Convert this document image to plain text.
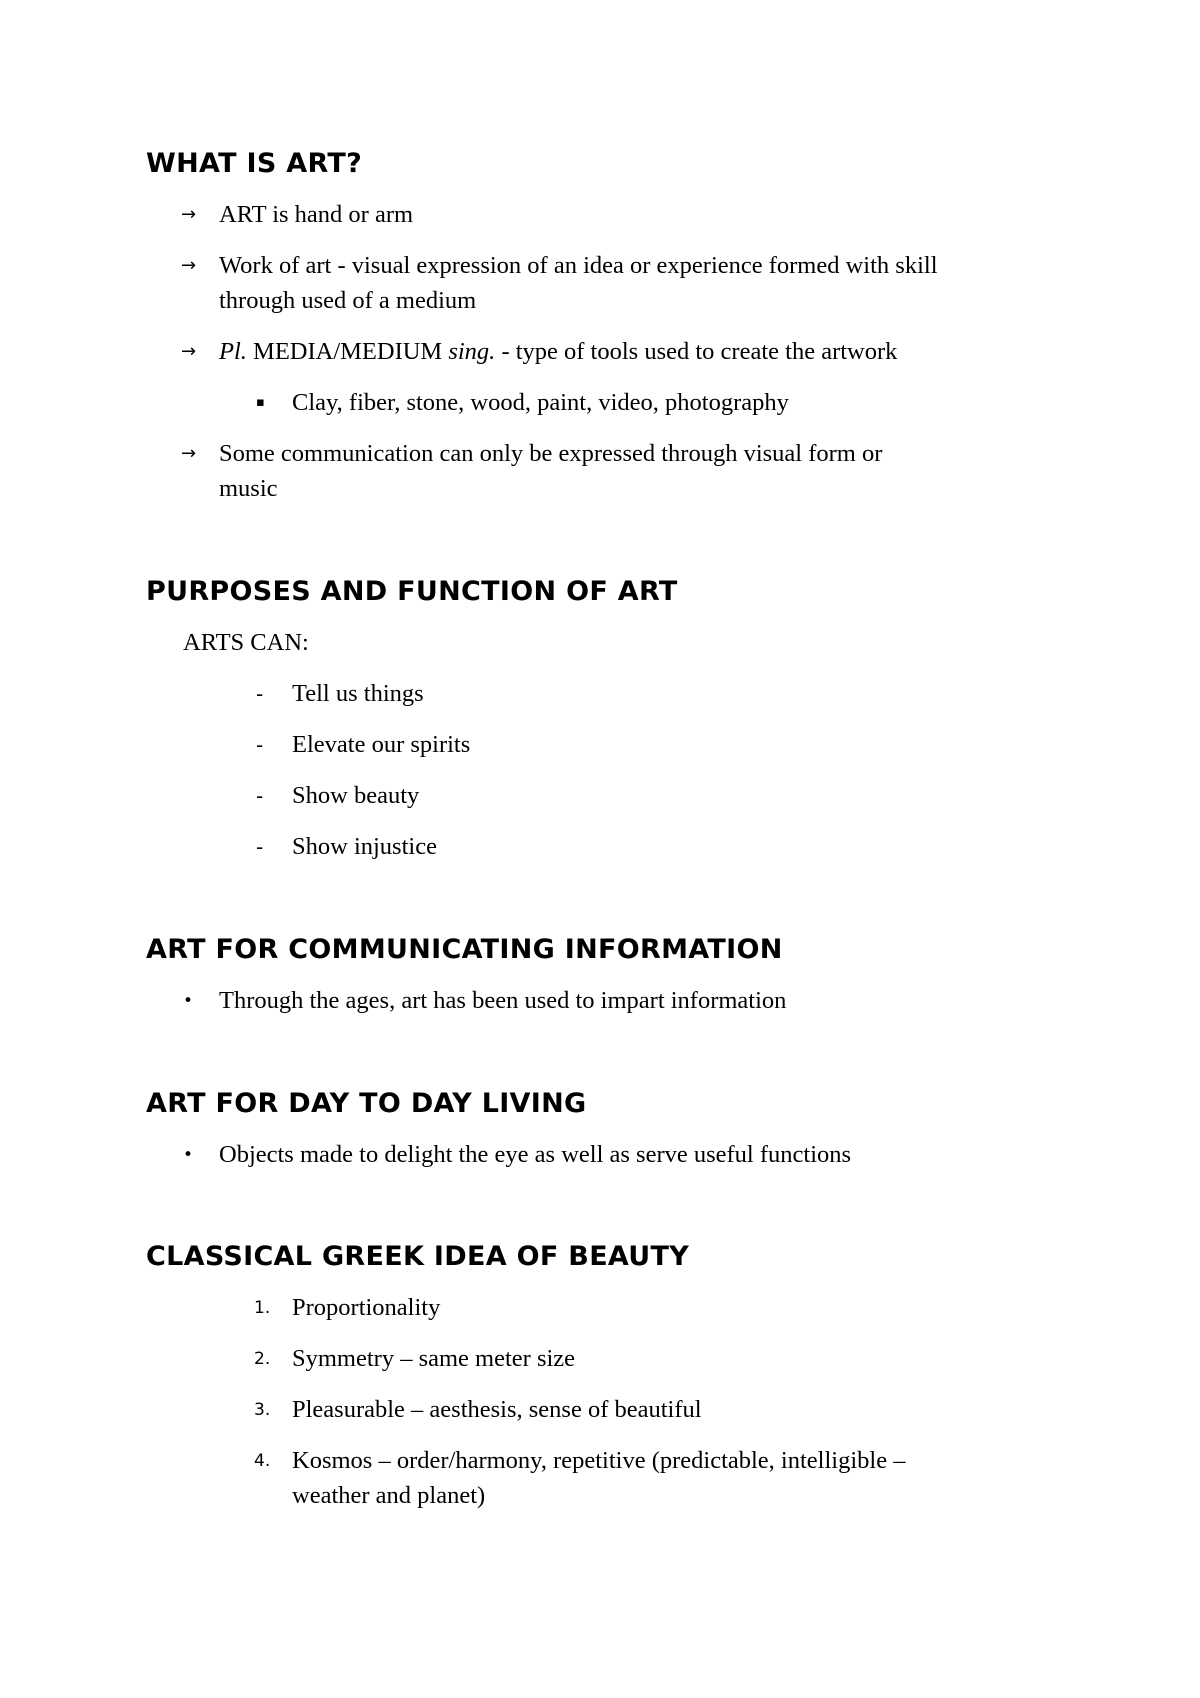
WHAT IS ART?
→ ART is hand or arm
→ Work of art - visual expression of an idea or experience formed with skill
through used of a medium
→ Pl. MEDIA/MEDIUM sing. - type of tools used to create the artwork
▪ Clay, fiber, stone, wood, paint, video, photography
→ Some communication can only be expressed through visual form or
music
PURPOSES AND FUNCTION OF ART
ARTS CAN:
- Tell us things
- Elevate our spirits
- Show beauty
- Show injustice
ART FOR COMMUNICATING INFORMATION
• Through the ages, art has been used to impart information
ART FOR DAY TO DAY LIVING
• Objects made to delight the eye as well as serve useful functions
CLASSICAL GREEK IDEA OF BEAUTY
1. Proportionality
2. Symmetry – same meter size
3. Pleasurable – aesthesis, sense of beautiful
4. Kosmos – order/harmony, repetitive (predictable, intelligible –
weather and planet)
